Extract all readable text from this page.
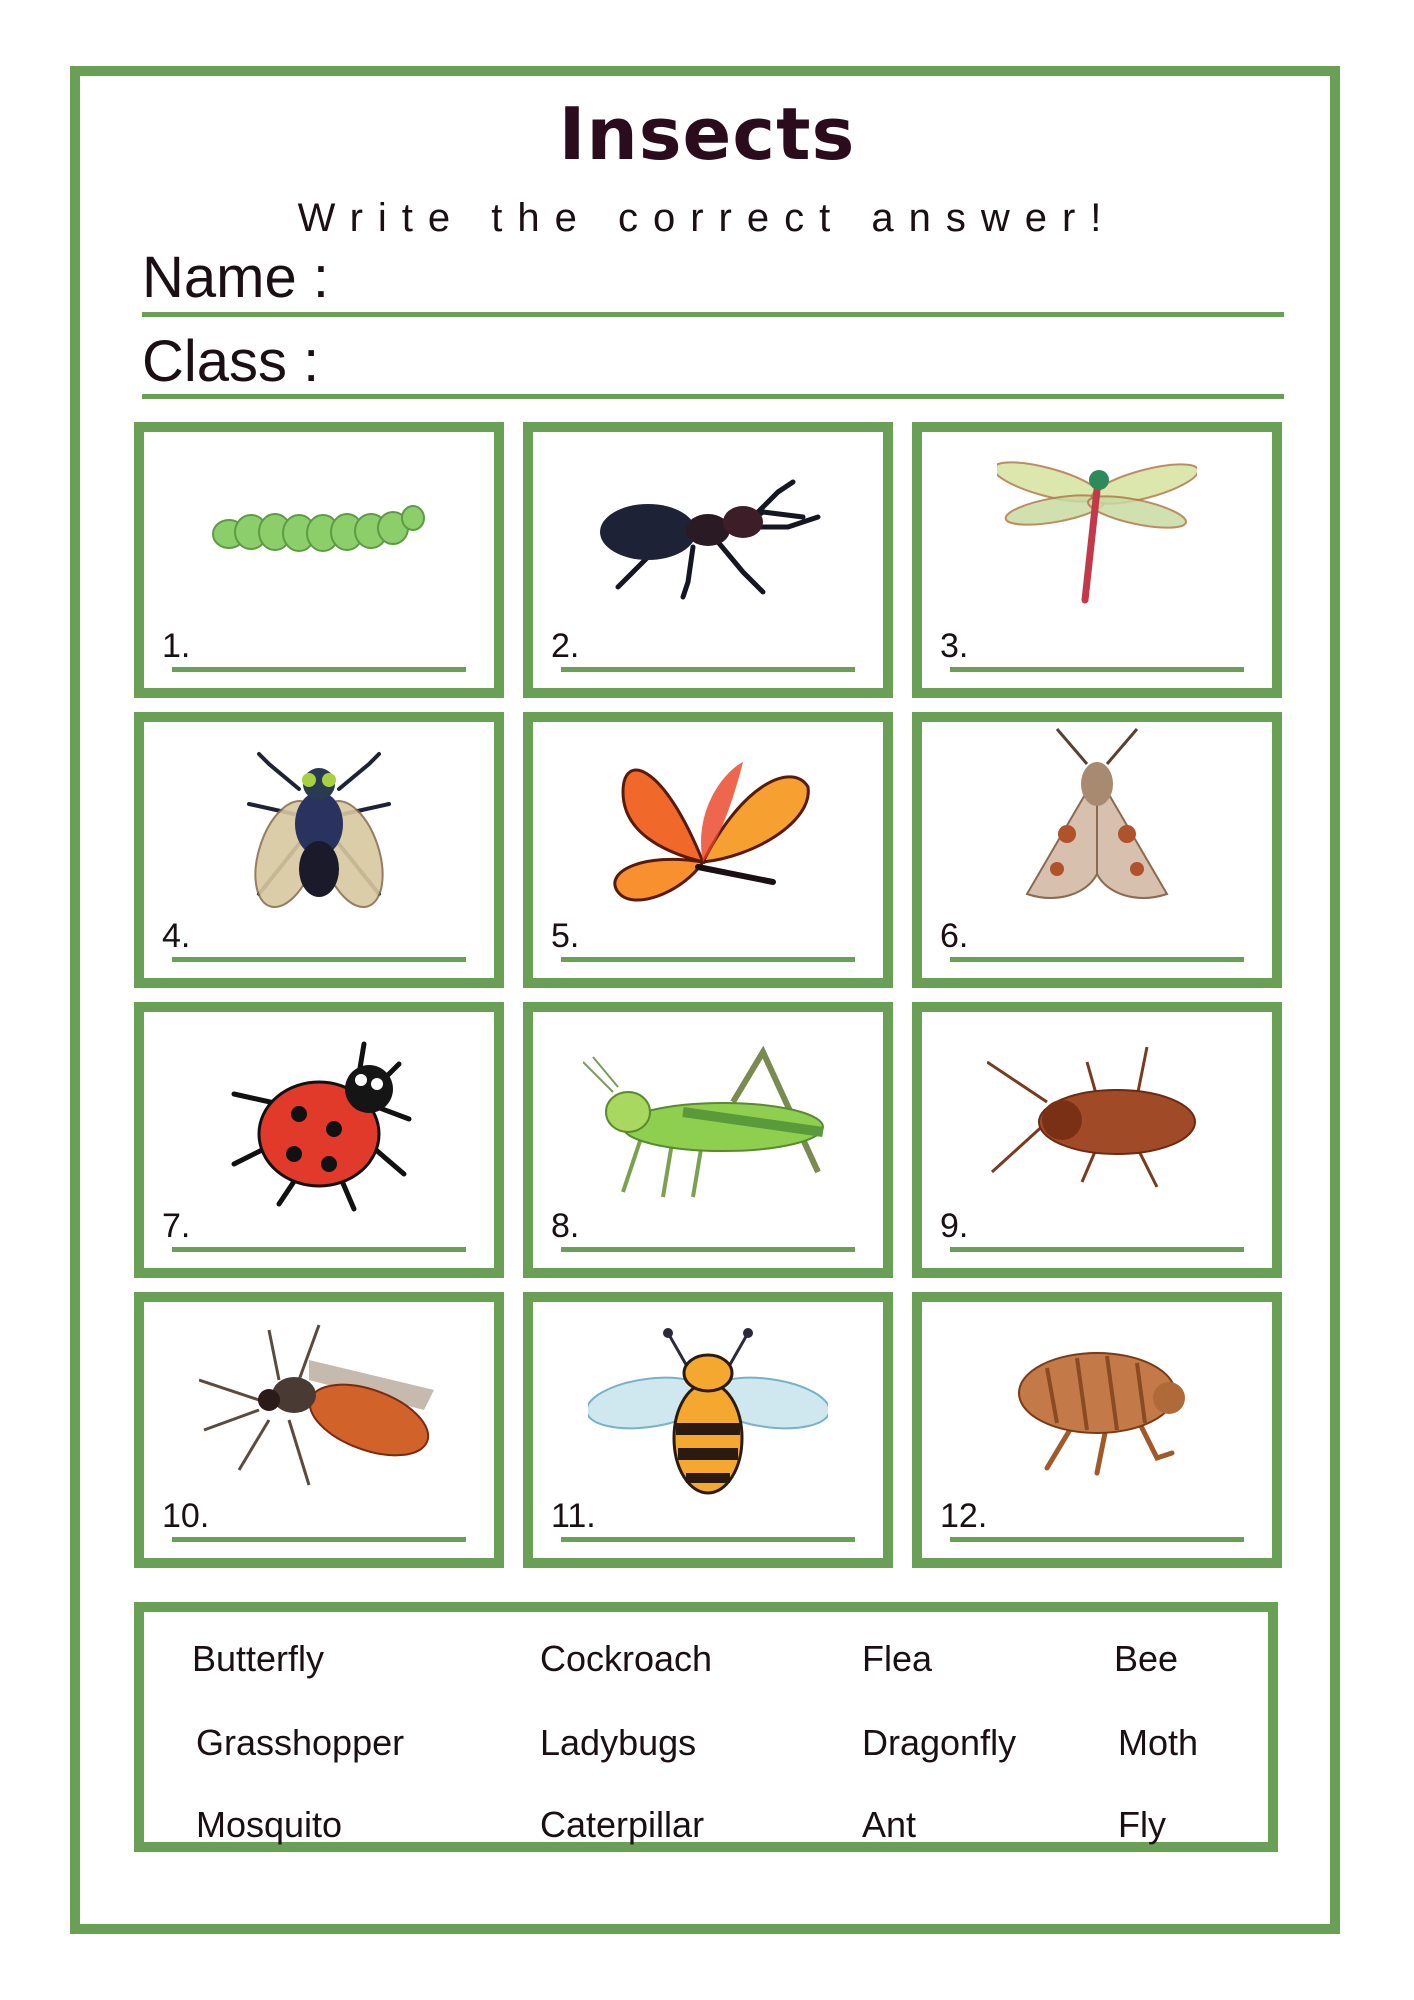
Insects
Write the correct answer!
Name :
Class :
1.	2.	3.
4.	5.	6.
7.	8.	9.
10.	11.	12.
Butterfly	Cockroach	Flea	Bee
Grasshopper	Ladybugs	Dragonfly	Moth
Mosquito	Caterpillar	Ant	Fly
